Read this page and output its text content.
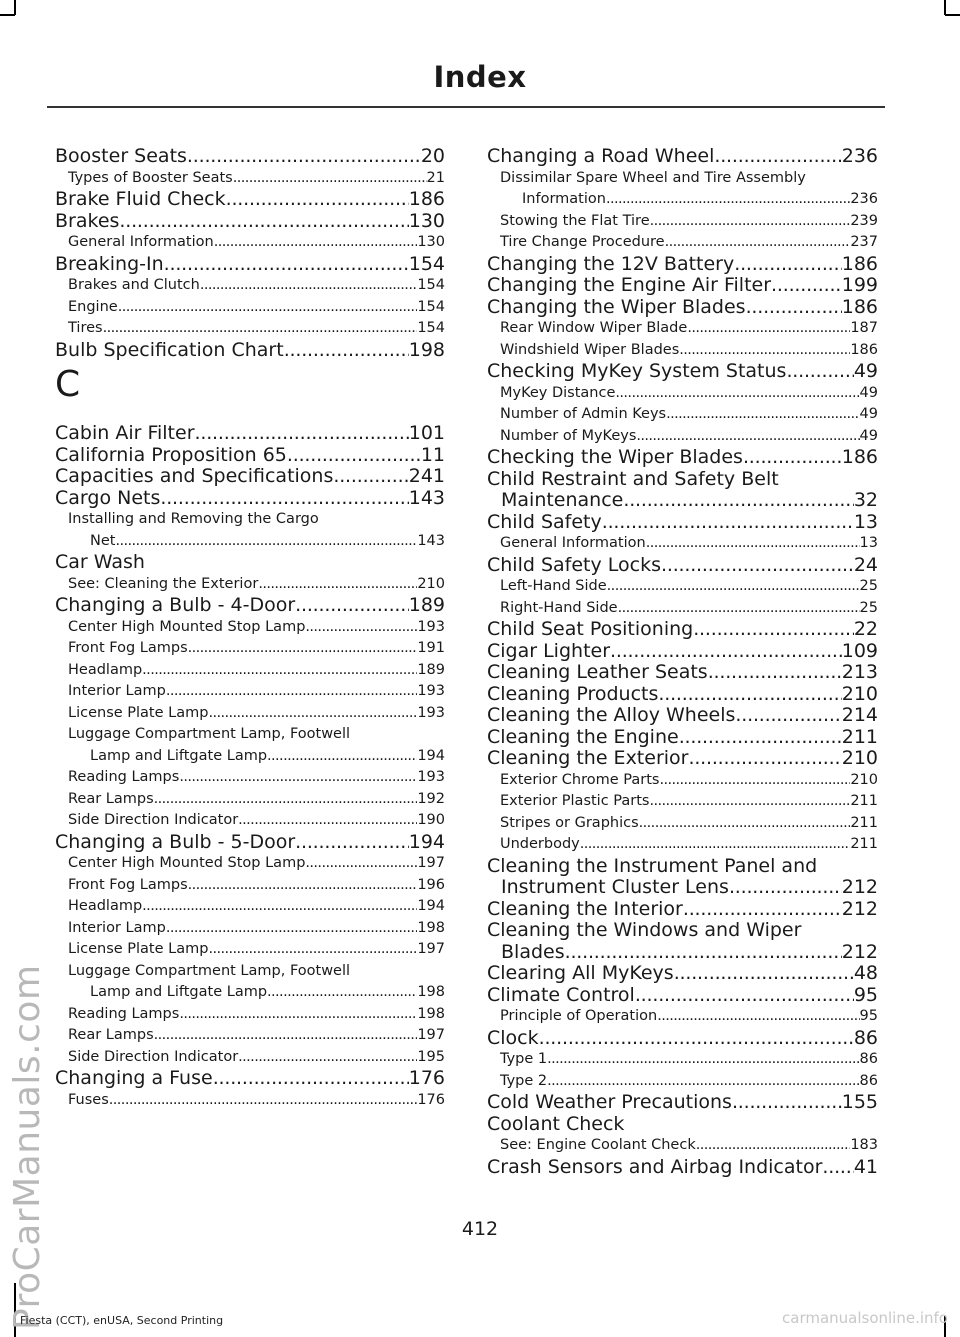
Index
Booster Seats .....	20
Types of Booster Seats .....	21
Brake Fluid Check .....	186
Brakes .....	130
General Information .....	130
Breaking-In .....	154
Brakes and Clutch .....	154
Engine .....	154
Tires .....	154
Bulb Specification Chart .....	198
C
Cabin Air Filter .....	101
California Proposition 65 .....	11
Capacities and Specifications .....	241
Cargo Nets .....	143
Installing and Removing the Cargo
Net .....	143
Car Wash
See: Cleaning the Exterior .....	210
Changing a Bulb - 4-Door .....	189
Center High Mounted Stop Lamp .....	193
Front Fog Lamps .....	191
Headlamp .....	189
Interior Lamp .....	193
License Plate Lamp .....	193
Luggage Compartment Lamp, Footwell
Lamp and Liftgate Lamp .....	194
Reading Lamps .....	193
Rear Lamps .....	192
Side Direction Indicator .....	190
Changing a Bulb - 5-Door .....	194
Center High Mounted Stop Lamp .....	197
Front Fog Lamps .....	196
Headlamp .....	194
Interior Lamp .....	198
License Plate Lamp .....	197
Luggage Compartment Lamp, Footwell
Lamp and Liftgate Lamp .....	198
Reading Lamps .....	198
Rear Lamps .....	197
Side Direction Indicator .....	195
Changing a Fuse .....	176
Fuses .....	176
Changing a Road Wheel .....	236
Dissimilar Spare Wheel and Tire Assembly
Information .....	236
Stowing the Flat Tire .....	239
Tire Change Procedure .....	237
Changing the 12V Battery .....	186
Changing the Engine Air Filter .....	199
Changing the Wiper Blades .....	186
Rear Window Wiper Blade .....	187
Windshield Wiper Blades .....	186
Checking MyKey System Status .....	49
MyKey Distance .....	49
Number of Admin Keys .....	49
Number of MyKeys .....	49
Checking the Wiper Blades .....	186
Child Restraint and Safety Belt
Maintenance .....	32
Child Safety .....	13
General Information .....	13
Child Safety Locks .....	24
Left-Hand Side .....	25
Right-Hand Side .....	25
Child Seat Positioning .....	22
Cigar Lighter .....	109
Cleaning Leather Seats .....	213
Cleaning Products .....	210
Cleaning the Alloy Wheels .....	214
Cleaning the Engine .....	211
Cleaning the Exterior .....	210
Exterior Chrome Parts .....	210
Exterior Plastic Parts .....	211
Stripes or Graphics .....	211
Underbody .....	211
Cleaning the Instrument Panel and
Instrument Cluster Lens .....	212
Cleaning the Interior .....	212
Cleaning the Windows and Wiper
Blades .....	212
Clearing All MyKeys .....	48
Climate Control .....	95
Principle of Operation .....	95
Clock .....	86
Type 1 .....	86
Type 2 .....	86
Cold Weather Precautions .....	155
Coolant Check
See: Engine Coolant Check .....	183
Crash Sensors and Airbag Indicator ..... 41
ProCarManuals.com	412
Fiesta (CCT), enUSA, Second Printing	carmanualsonline.info
